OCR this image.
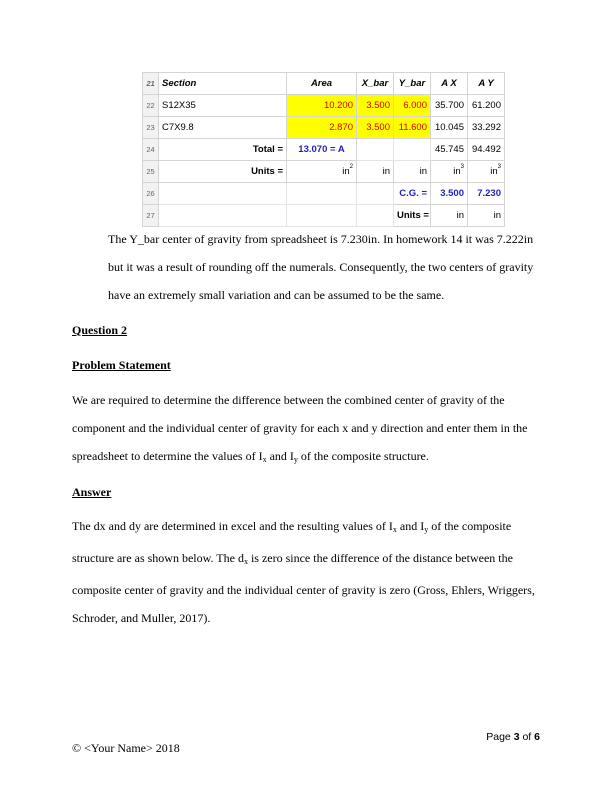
21	Section	Area	X_bar	Y_bar	A X	A Y
22	S12X35	10.200	3.500	6.000	35.700	61.200
23	C7X9.8	2.870	3.500	11.600	10.045	33.292
24	Total =	13.070 = A			45.745	94.492
25	Units =	$in^2$	in	in	$in^3$	$in^3$
26				C.G. =	3.500	7.230
27				Units =	in	in

The Y_bar center of gravity from spreadsheet is 7.230in. In homework 14 it was 7.222in but it was a result of rounding off the numerals. Consequently, the two centers of gravity have an extremely small variation and can be assumed to be the same.

Question 2

Problem Statement

We are required to determine the difference between the combined center of gravity of the component and the individual center of gravity for each x and y direction and enter them in the spreadsheet to determine the values of $I_x$ and $I_y$ of the composite structure.

Answer

The dx and dy are determined in excel and the resulting values of $I_x$ and $I_y$ of the composite structure are as shown below. The $d_x$ is zero since the difference of the distance between the composite center of gravity and the individual center of gravity is zero (Gross, Ehlers, Wriggers, Schroder, and Muller, 2017).

Page 3 of 6
© <Your Name> 2018
